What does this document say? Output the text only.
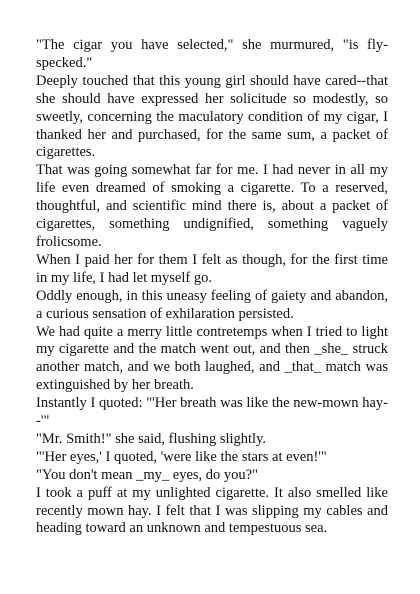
"The cigar you have selected," she murmured, "is fly-specked."

Deeply touched that this young girl should have cared--that she should have expressed her solicitude so modestly, so sweetly, concerning the maculatory condition of my cigar, I thanked her and purchased, for the same sum, a packet of cigarettes.

That was going somewhat far for me. I had never in all my life even dreamed of smoking a cigarette. To a reserved, thoughtful, and scientific mind there is, about a packet of cigarettes, something undignified, something vaguely frolicsome.

When I paid her for them I felt as though, for the first time in my life, I had let myself go.

Oddly enough, in this uneasy feeling of gaiety and abandon, a curious sensation of exhilaration persisted.

We had quite a merry little contretemps when I tried to light my cigarette and the match went out, and then _she_ struck another match, and we both laughed, and _that_ match was extinguished by her breath.

Instantly I quoted: "'Her breath was like the new-mown hay--'"

"Mr. Smith!" she said, flushing slightly.

"'Her eyes,' I quoted, 'were like the stars at even!'"

"You don't mean _my_ eyes, do you?"

I took a puff at my unlighted cigarette. It also smelled like recently mown hay. I felt that I was slipping my cables and heading toward an unknown and tempestuous sea.
